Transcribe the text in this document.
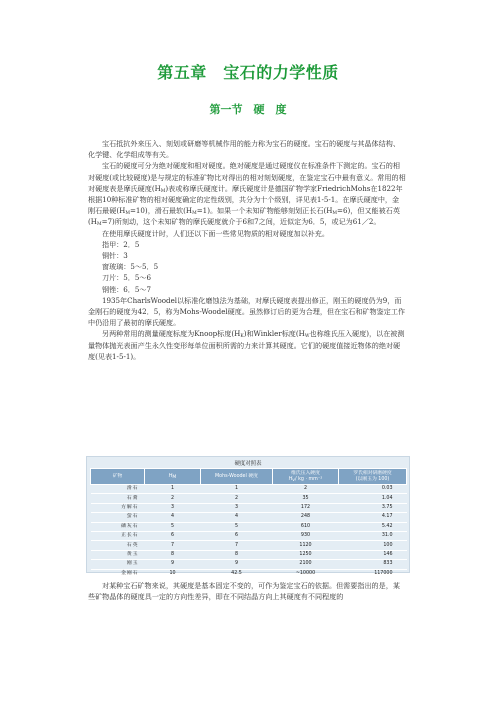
第五章　宝石的力学性质
第一节　硬　度

宝石抵抗外来压入、刻划或研磨等机械作用的能力称为宝石的硬度。宝石的硬度与其晶体结构、化学键、化学组成等有关。

宝石的硬度可分为绝对硬度和相对硬度。绝对硬度是通过硬度仪在标准条件下测定的。宝石的相对硬度(或比较硬度)是与规定的标准矿物比对得出的相对刻划硬度，在鉴定宝石中最有意义。常用的相对硬度表是摩氏硬度$(H_M)$表或称摩氏硬度计。摩氏硬度计是德国矿物学家FriedrichMohs在1822年根据10种标准矿物的相对硬度确定的定性级别，共分为十个级别，详见表1-5-1。在摩氏硬度中，金刚石最硬$(H_M=10)$，滑石最软$(H_M=1)$。如果一个未知矿物能够刻划正长石$(H_M=6)$，但又能被石英$(H_M=7)$所刻动，这个未知矿物的摩氏硬度就介于6和7之间，近似定为6．5，或记为61／2。

在使用摩氏硬度计时，人们还以下面一些常见物质的相对硬度加以补充。

指甲：2．5

铜针：3

窗玻璃：5～5．5

刀片：5．5～6

钢锉：6．5～7

1935年CharlsWoodel以标准化磨蚀法为基础，对摩氏硬度表提出修正，刚玉的硬度仍为9，而金刚石的硬度为42．5，称为Mohs-Woodel硬度。虽然修订后的更为合理，但在宝石和矿物鉴定工作中仍沿用了最初的摩氏硬度。

另两种常用的测量硬度标度为Knoop标度$(H_K)$和Winkler标度($H_W$也称维氏压入硬度)，以在被测量物体抛光表面产生永久性变形每单位面积所需的力来计算其硬度。它们的硬度值接近物体的绝对硬度(见表1-5-1)。

硬度对照表
矿物	$H_M$	Mohs-Woodel 硬度	维氏压入硬度
$H_v/$ kg · mm⁻²	罗氏相对研磨硬度
(以刚玉为 100)
滑石	1	1	2	0.03
石膏	2	2	35	1.04
方解石	3	3	172	3.75
萤石	4	4	248	4.17
磷灰石	5	5	610	5.42
正长石	6	6	930	31.0
石英	7	7	1120	100
黄玉	8	8	1250	146
刚玉	9	9	2100	833
金刚石	10	42.5	~10000	117000

对某种宝石矿物来说，其硬度是基本固定不变的，可作为鉴定宝石的依据。但需要指出的是，某些矿物晶体的硬度具一定的方向性差异，即在不同结晶方向上其硬度有不同程度的
